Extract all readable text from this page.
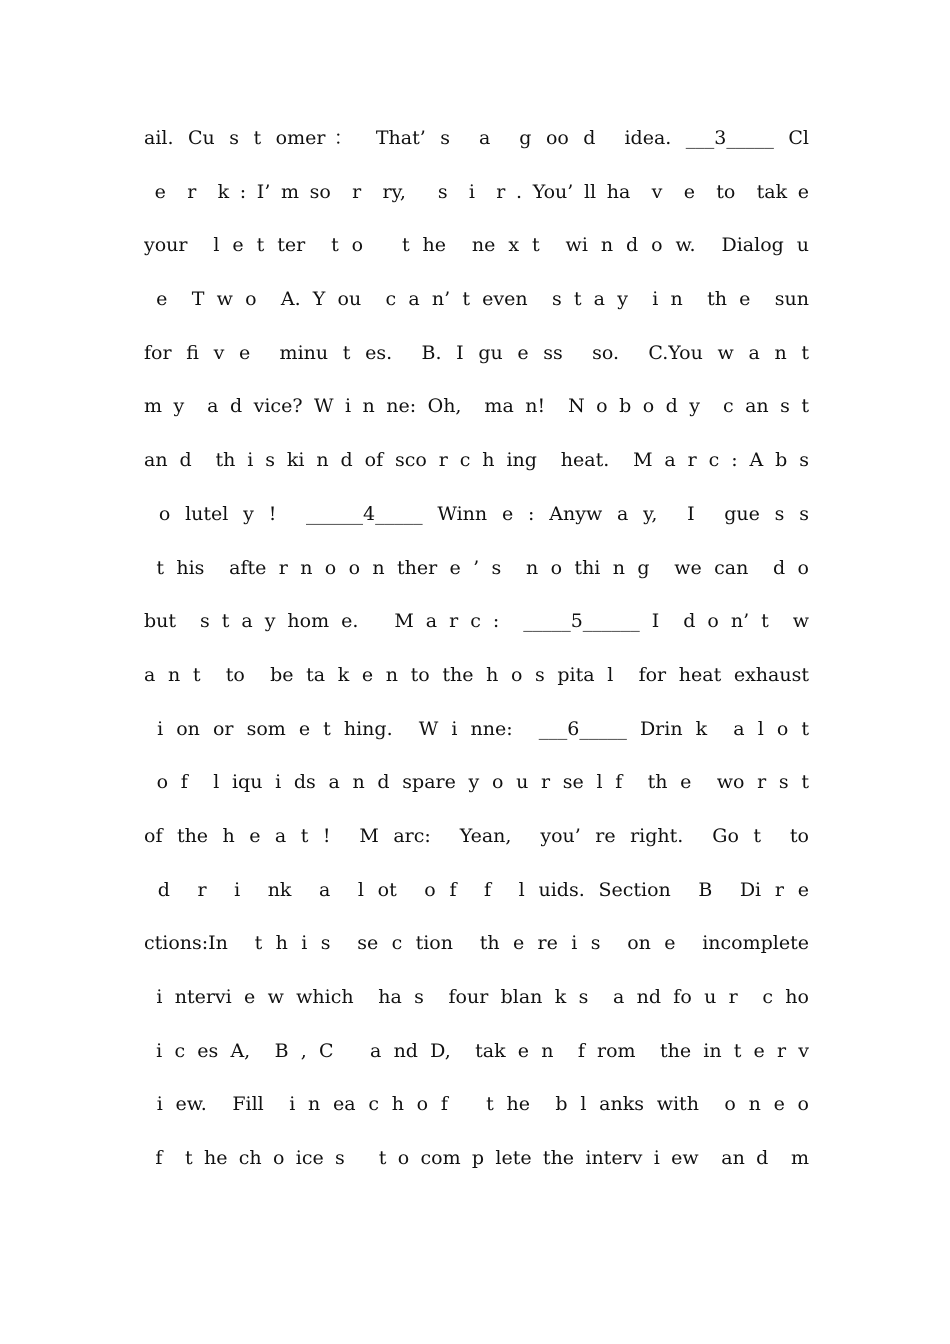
ail. Cu s t omer： That’ s  a  g oo d  idea. ___3_____ Cl
e  r  k : I’ m so  r  ry,   s  i  r . You’ ll ha  v  e  to  tak e
your  l e t ter  t o   t he  ne x t  wi n d o w.  Dialog u
e  T w o  A. Y ou  c a n’ t even  s t a y  i n  th e  sun
for fi v e  minu t es.  B. I gu e ss  so.  C.You w a n t
m y  a d vice? W i n ne: Oh,  ma n!  N o b o d y  c an s t
an d  th i s ki n d of sco r c h ing  heat.  M a r c : A b s
o lutel y !  ______4_____ Winn e : Anyw a y,  I  gue s s
t his  afte r n o o n ther e ’ s  n o thi n g  we can  d o
but  s t a y hom e.   M a r c :  _____5______ I  d o n’ t  w
a n t  to  be ta k e n to the h o s pita l  for heat exhaust
i on or som e t hing.  W i nne:  ___6_____ Drin k  a l o t
o f  l iqu i ds a n d spare y o u r se l f  th e  wo r s t
of the h e a t !  M arc:  Yean,  you’ re right.  Go t  to
d  r  i  nk  a  l ot  o f  f  l uids. Section  B  Di r e
ctions:In  t h i s  se c tion  th e re i s  on e  incomplete
i ntervi e w which  ha s  four blan k s  a nd fo u r  c ho
i c es A,  B , C   a nd D,  tak e n  f rom  the in t e r v
i ew.  Fill  i n ea c h o f   t he  b l anks with  o n e o
f  t he ch o ice s   t o com p lete the interv i ew  an d  m
